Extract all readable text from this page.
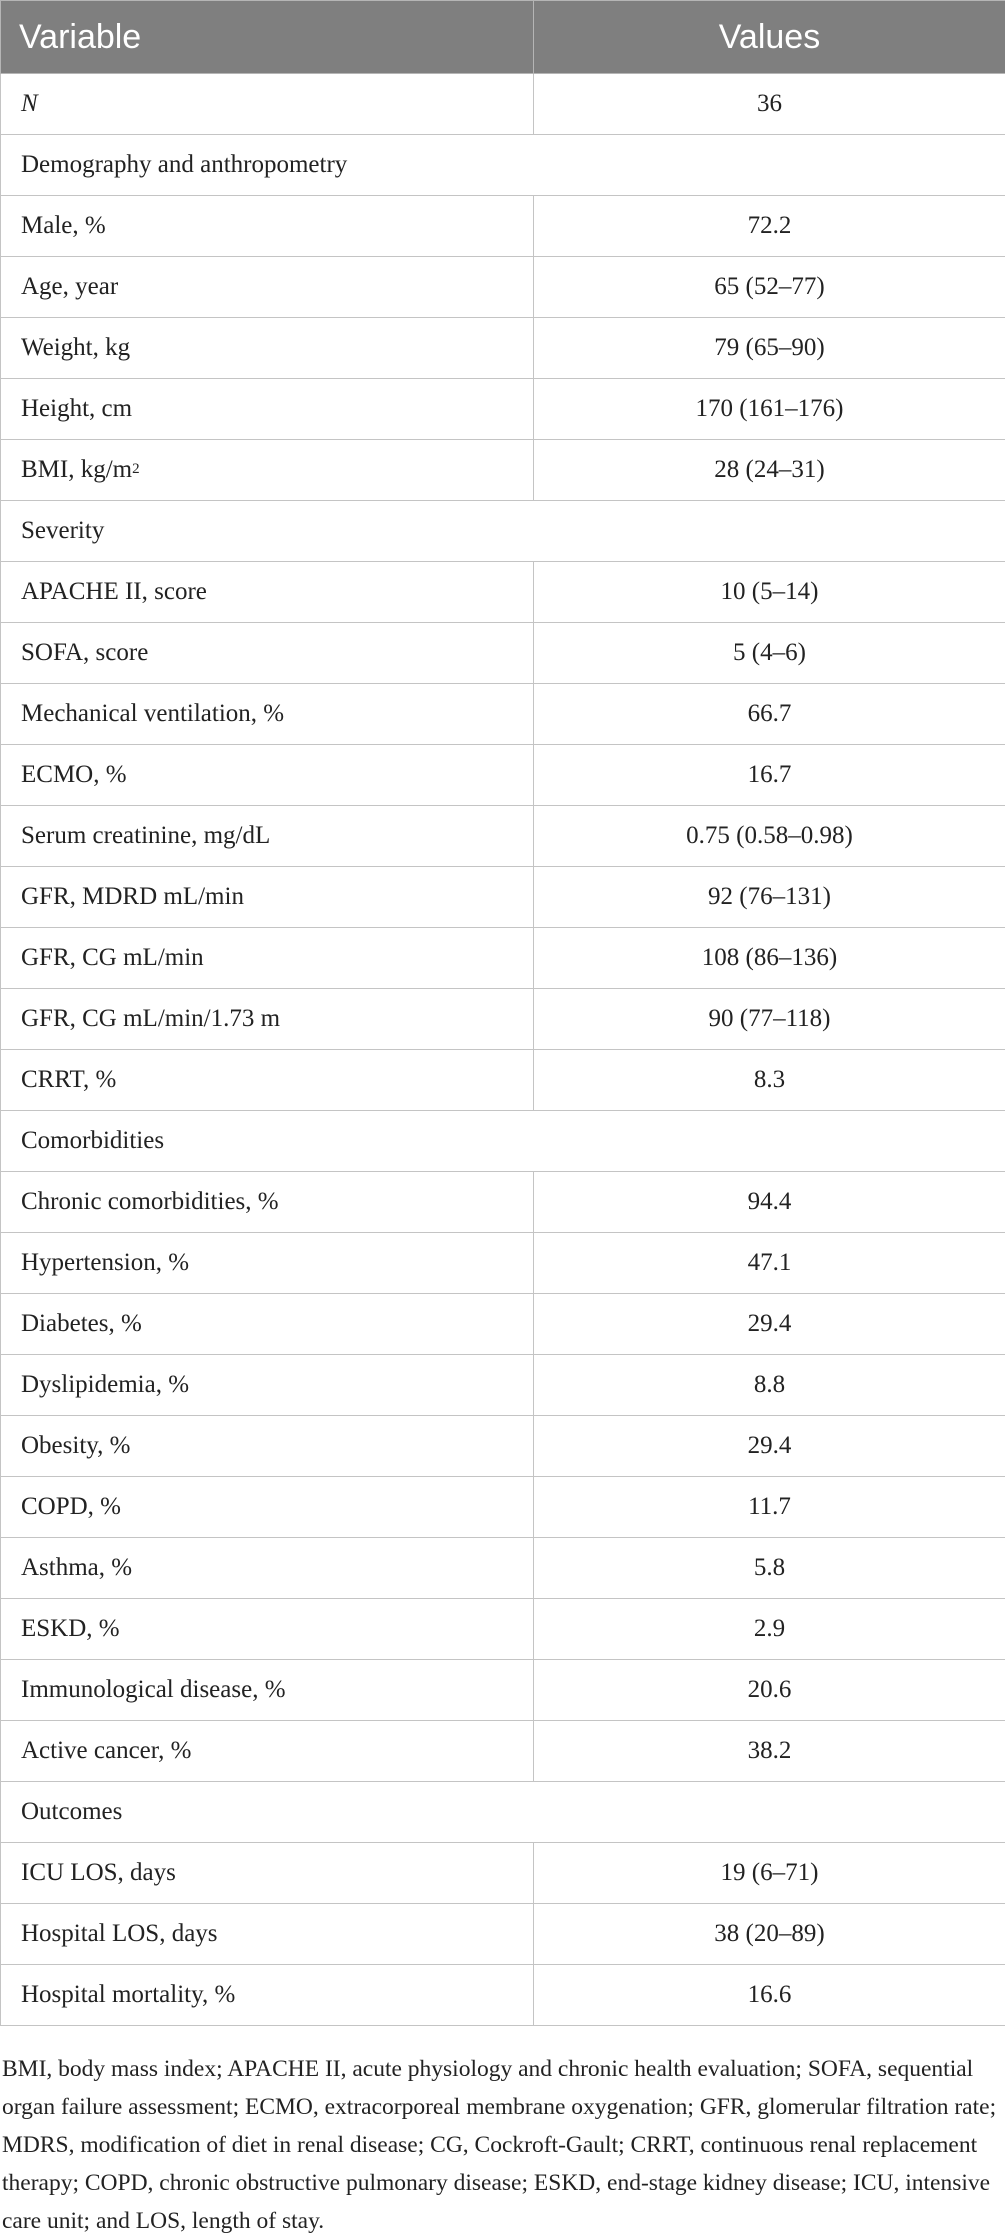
Variable	Values
N	36
Demography and anthropometry	
Male, %	72.2
Age, year	65 (52–77)
Weight, kg	79 (65–90)
Height, cm	170 (161–176)
BMI, $kg/m^2$	28 (24–31)
Severity	
APACHE II, score	10 (5–14)
SOFA, score	5 (4–6)
Mechanical ventilation, %	66.7
ECMO, %	16.7
Serum creatinine, mg/dL	0.75 (0.58–0.98)
GFR, MDRD mL/min	92 (76–131)
GFR, CG mL/min	108 (86–136)
GFR, CG mL/min/1.73 m	90 (77–118)
CRRT, %	8.3
Comorbidities	
Chronic comorbidities, %	94.4
Hypertension, %	47.1
Diabetes, %	29.4
Dyslipidemia, %	8.8
Obesity, %	29.4
COPD, %	11.7
Asthma, %	5.8
ESKD, %	2.9
Immunological disease, %	20.6
Active cancer, %	38.2
Outcomes	
ICU LOS, days	19 (6–71)
Hospital LOS, days	38 (20–89)
Hospital mortality, %	16.6
BMI, body mass index; APACHE II, acute physiology and chronic health evaluation; SOFA, sequential organ failure assessment; ECMO, extracorporeal membrane oxygenation; GFR, glomerular filtration rate; MDRS, modification of diet in renal disease; CG, Cockroft-Gault; CRRT, continuous renal replacement therapy; COPD, chronic obstructive pulmonary disease; ESKD, end-stage kidney disease; ICU, intensive care unit; and LOS, length of stay.
